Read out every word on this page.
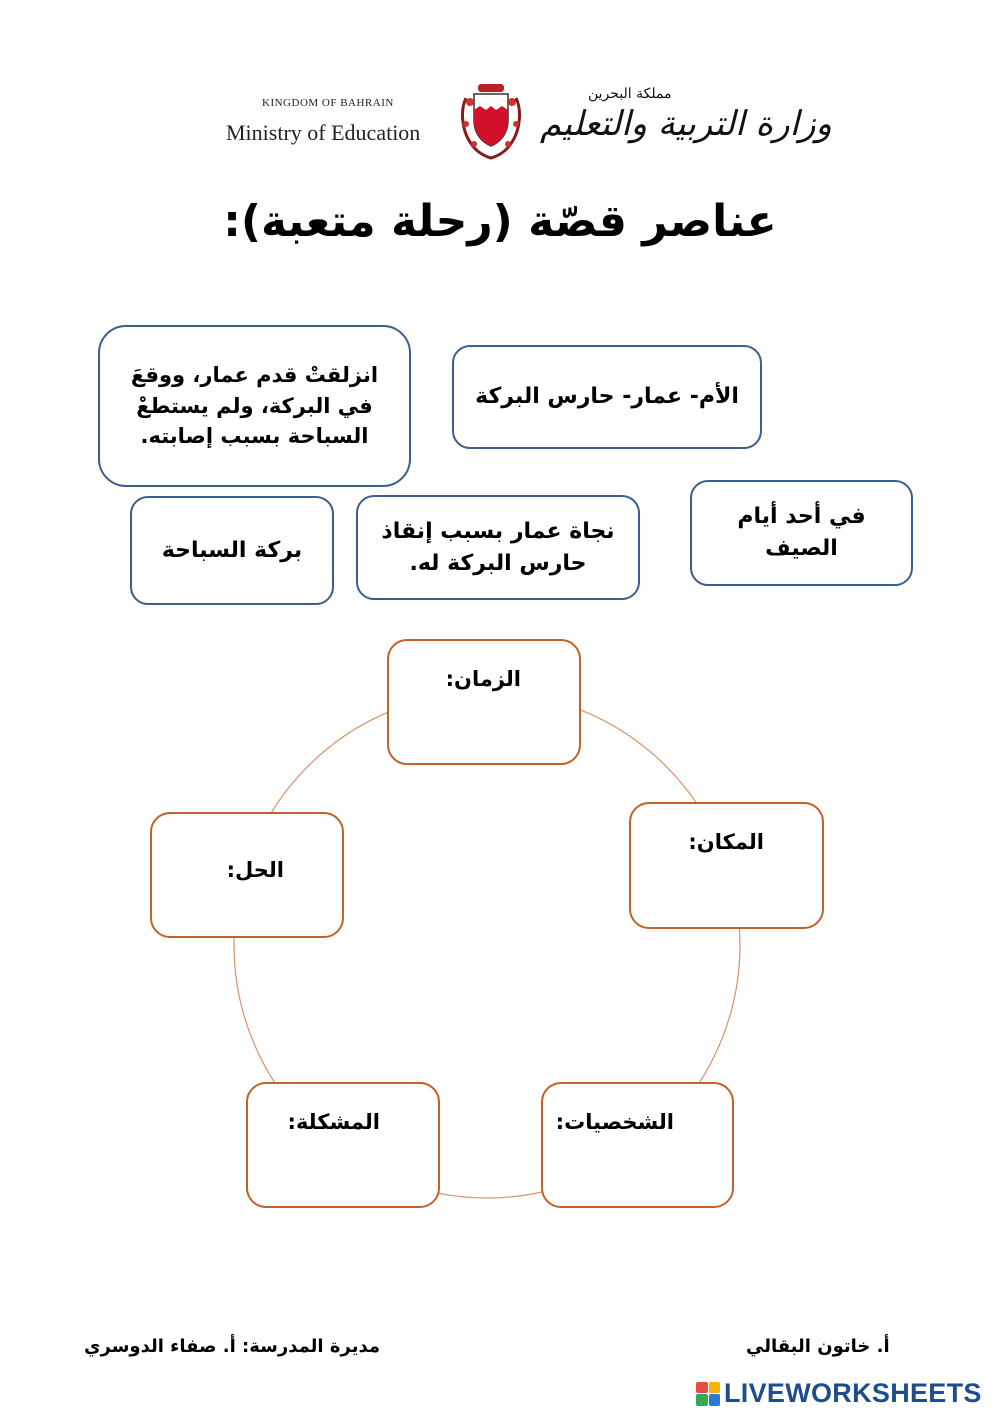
KINGDOM OF BAHRAIN
Ministry of Education
مملكة البحرين
وزارة التربية والتعليم
عناصر قصّة (رحلة متعبة):
انزلقتْ قدم عمار، ووقعَ في البركة، ولم يستطعْ السباحة بسبب إصابته.
الأم- عمار- حارس البركة
بركة السباحة
نجاة عمار بسبب إنقاذ حارس البركة له.
في أحد أيام الصيف
الزمان:
المكان:
الحل:
الشخصيات:
المشكلة:
مديرة المدرسة: أ. صفاء الدوسري	أ. خاتون البقالي
LIVEWORKSHEETS
